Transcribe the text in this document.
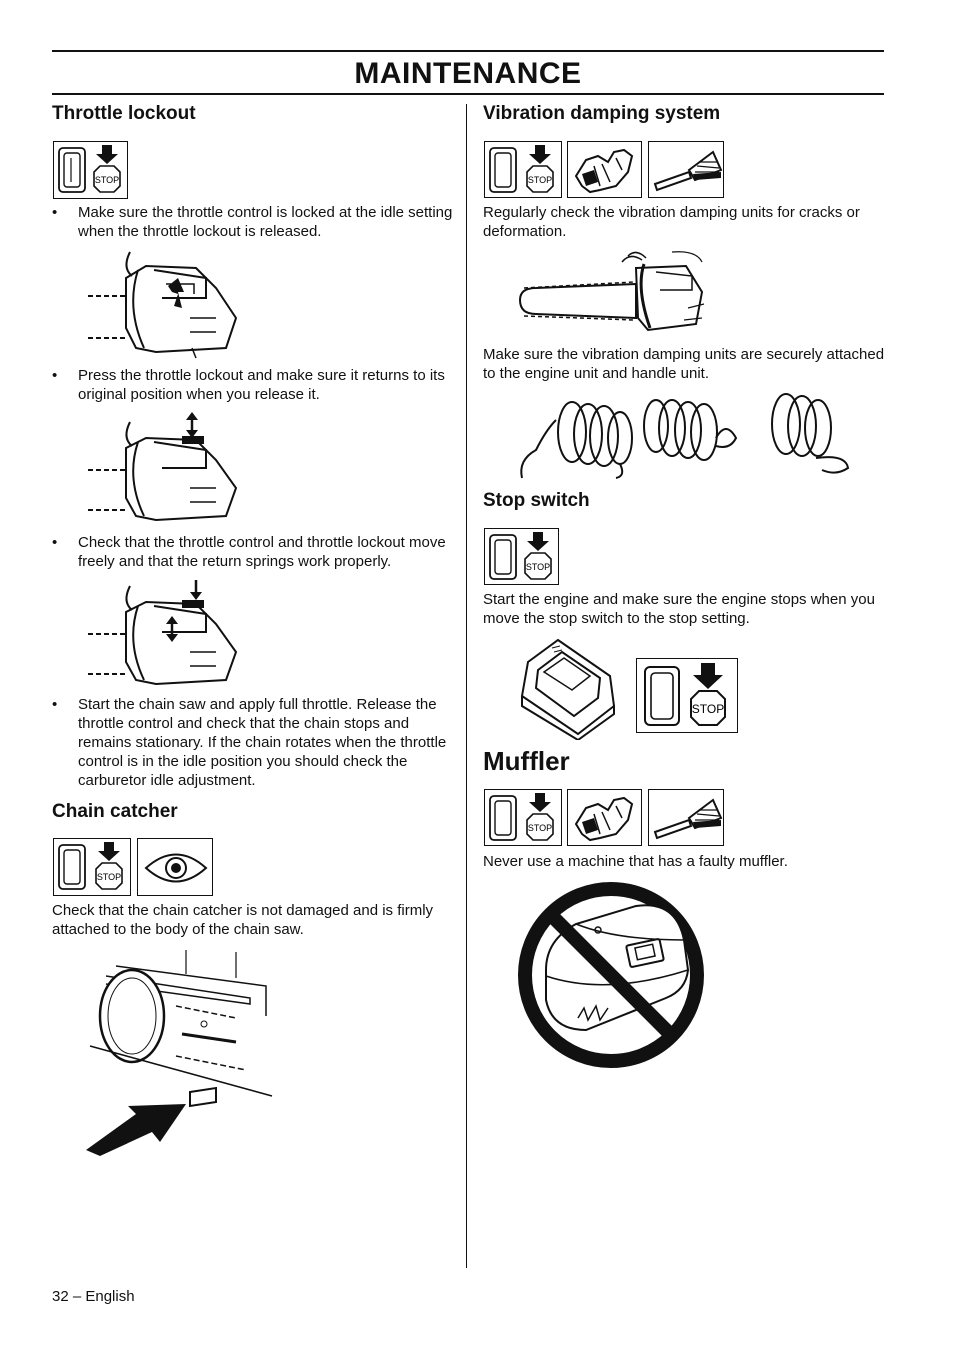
MAINTENANCE
Throttle lockout
STOP
• Make sure the throttle control is locked at the idle setting when the throttle lockout is released.
• Press the throttle lockout and make sure it returns to its original position when you release it.
• Check that the throttle control and throttle lockout move freely and that the return springs work properly.
• Start the chain saw and apply full throttle. Release the throttle control and check that the chain stops and remains stationary. If the chain rotates when the throttle control is in the idle position you should check the carburetor idle adjustment.
Chain catcher
STOP
Check that the chain catcher is not damaged and is firmly attached to the body of the chain saw.
Vibration damping system
STOP
Regularly check the vibration damping units for cracks or deformation.
Make sure the vibration damping units are securely attached to the engine unit and handle unit.
Stop switch
STOP
Start the engine and make sure the engine stops when you move the stop switch to the stop setting.
STOP
Muffler
STOP
Never use a machine that has a faulty muffler.
32 – English
